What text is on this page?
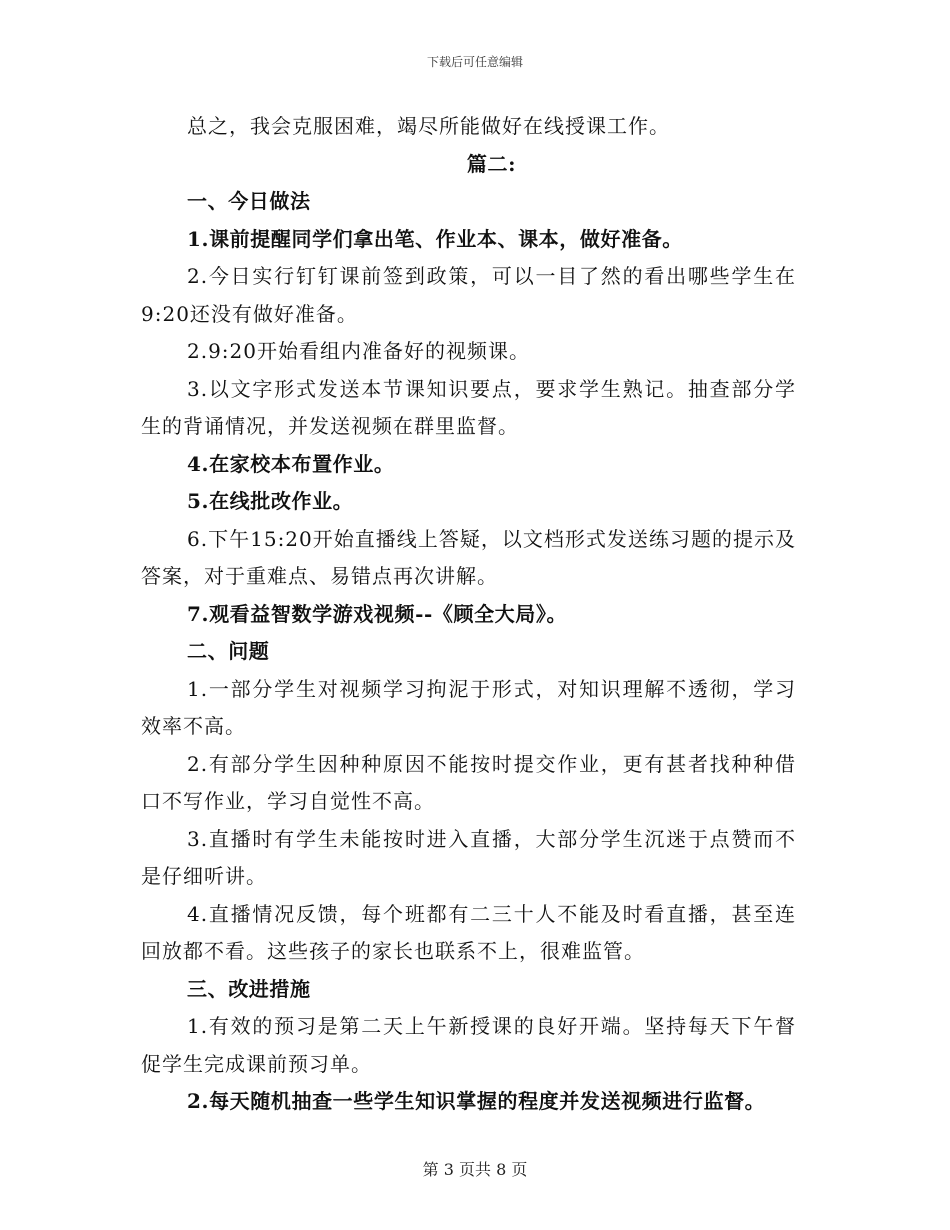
下载后可任意编辑

总之，我会克服困难，竭尽所能做好在线授课工作。

篇二:

一、今日做法

1.课前提醒同学们拿出笔、作业本、课本，做好准备。

2.今日实行钉钉课前签到政策，可以一目了然的看出哪些学生在9:20还没有做好准备。

2.9:20开始看组内准备好的视频课。

3.以文字形式发送本节课知识要点，要求学生熟记。抽查部分学生的背诵情况，并发送视频在群里监督。

4.在家校本布置作业。

5.在线批改作业。

6.下午15:20开始直播线上答疑，以文档形式发送练习题的提示及答案，对于重难点、易错点再次讲解。

7.观看益智数学游戏视频--《顾全大局》。

二、问题

1.一部分学生对视频学习拘泥于形式，对知识理解不透彻，学习效率不高。

2.有部分学生因种种原因不能按时提交作业，更有甚者找种种借口不写作业，学习自觉性不高。

3.直播时有学生未能按时进入直播，大部分学生沉迷于点赞而不是仔细听讲。

4.直播情况反馈，每个班都有二三十人不能及时看直播，甚至连回放都不看。这些孩子的家长也联系不上，很难监管。

三、改进措施

1.有效的预习是第二天上午新授课的良好开端。坚持每天下午督促学生完成课前预习单。

2.每天随机抽查一些学生知识掌握的程度并发送视频进行监督。

第 3 页共 8 页
